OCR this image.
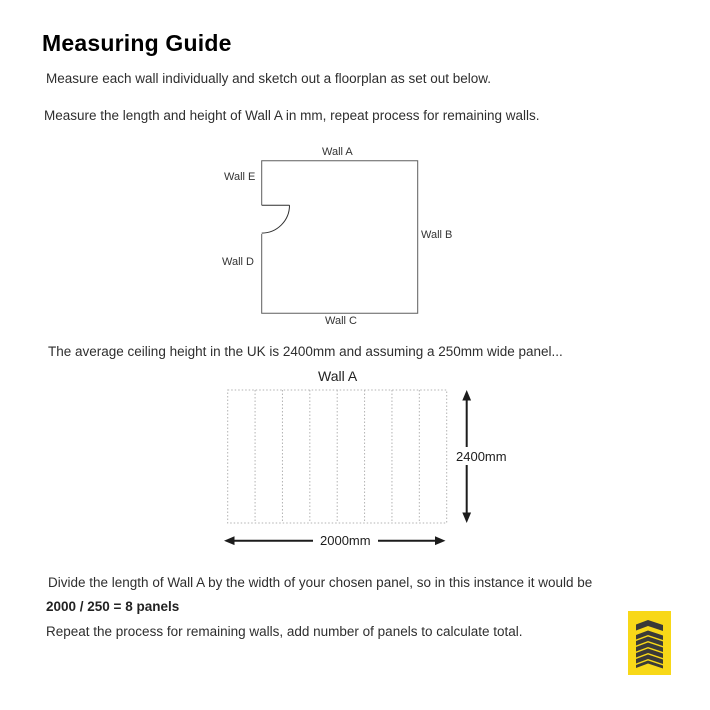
Measuring Guide

Measure each wall individually and sketch out a floorplan as set out below.

Measure the length and height of Wall A in mm, repeat process for remaining walls.

Wall A
Wall E
Wall B
Wall D
Wall C

The average ceiling height in the UK is 2400mm and assuming a 250mm wide panel...

Wall A
2400mm
2000mm

Divide the length of Wall A by the width of your chosen panel, so in this instance it would be

2000 / 250 = 8 panels

Repeat the process for remaining walls, add number of panels to calculate total.
